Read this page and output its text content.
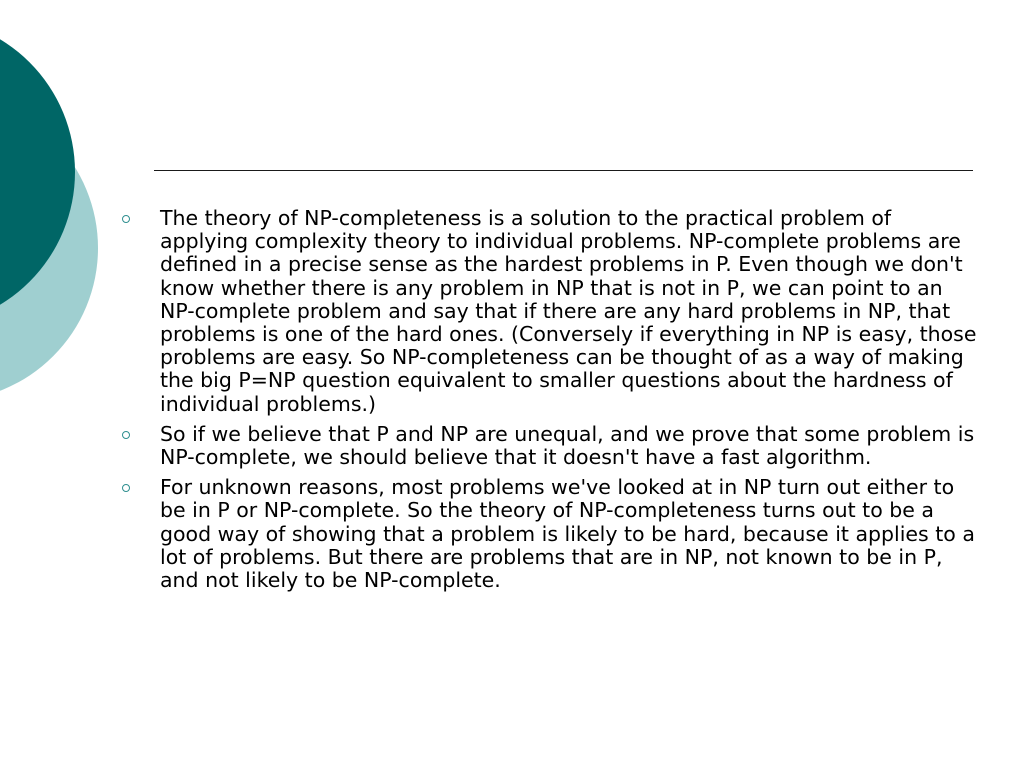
The theory of NP-completeness is a solution to the practical problem of applying complexity theory to individual problems. NP-complete problems are defined in a precise sense as the hardest problems in P. Even though we don't know whether there is any problem in NP that is not in P, we can point to an NP-complete problem and say that if there are any hard problems in NP, that problems is one of the hard ones. (Conversely if everything in NP is easy, those problems are easy. So NP-completeness can be thought of as a way of making the big P=NP question equivalent to smaller questions about the hardness of individual problems.)
So if we believe that P and NP are unequal, and we prove that some problem is NP-complete, we should believe that it doesn't have a fast algorithm.
For unknown reasons, most problems we've looked at in NP turn out either to be in P or NP-complete. So the theory of NP-completeness turns out to be a good way of showing that a problem is likely to be hard, because it applies to a lot of problems. But there are problems that are in NP, not known to be in P, and not likely to be NP-complete.
